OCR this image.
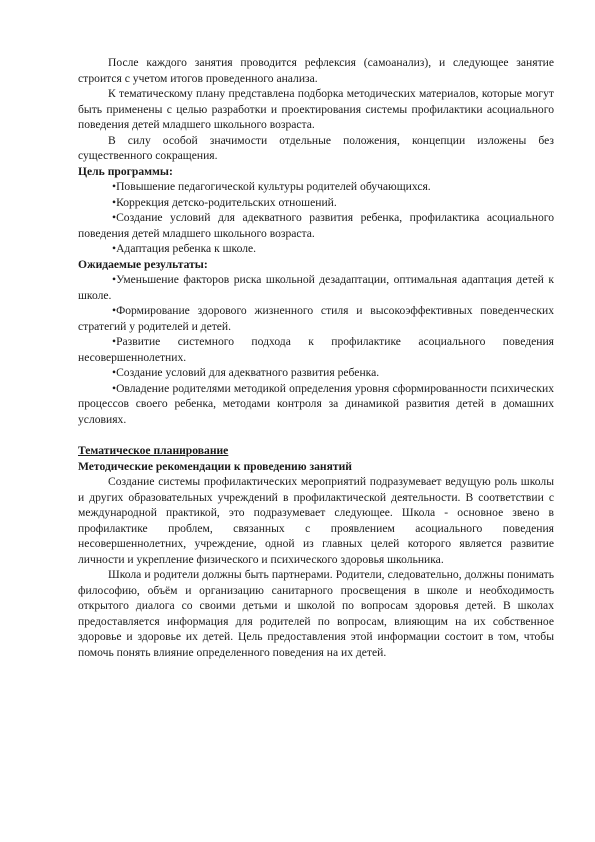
После каждого занятия проводится рефлексия (самоанализ), и следующее занятие строится с учетом итогов проведенного анализа.

К тематическому плану представлена подборка методических материалов, которые могут быть применены с целью разработки и проектирования системы профилактики асоциального поведения детей младшего школьного возраста.

В силу особой значимости отдельные положения, концепции изложены без существенного сокращения.

Цель программы:

•Повышение педагогической культуры родителей обучающихся.

•Коррекция детско-родительских отношений.

•Создание условий для адекватного развития ребенка, профилактика асоциального поведения детей младшего школьного возраста.

•Адаптация ребенка к школе.

Ожидаемые результаты:

•Уменьшение факторов риска школьной дезадаптации, оптимальная адаптация детей к школе.

•Формирование здорового жизненного стиля и высокоэффективных поведенческих стратегий у родителей и детей.

•Развитие системного подхода к профилактике асоциального поведения несовершеннолетних.

•Создание условий для адекватного развития ребенка.

•Овладение родителями методикой определения уровня сформированности психических процессов своего ребенка, методами контроля за динамикой развития детей в домашних условиях.

Тематическое планирование

Методические рекомендации к проведению занятий

Создание системы профилактических мероприятий подразумевает ведущую роль школы и других образовательных учреждений в профилактической деятельности. В соответствии с международной практикой, это подразумевает следующее. Школа - основное звено в профилактике проблем, связанных с проявлением асоциального поведения несовершеннолетних, учреждение, одной из главных целей которого является развитие личности и укрепление физического и психического здоровья школьника.

Школа и родители должны быть партнерами. Родители, следовательно, должны понимать философию, объём и организацию санитарного просвещения в школе и необходимость открытого диалога со своими детьми и школой по вопросам здоровья детей. В школах предоставляется информация для родителей по вопросам, влияющим на их собственное здоровье и здоровье их детей. Цель предоставления этой информации состоит в том, чтобы помочь понять влияние определенного поведения на их детей.
